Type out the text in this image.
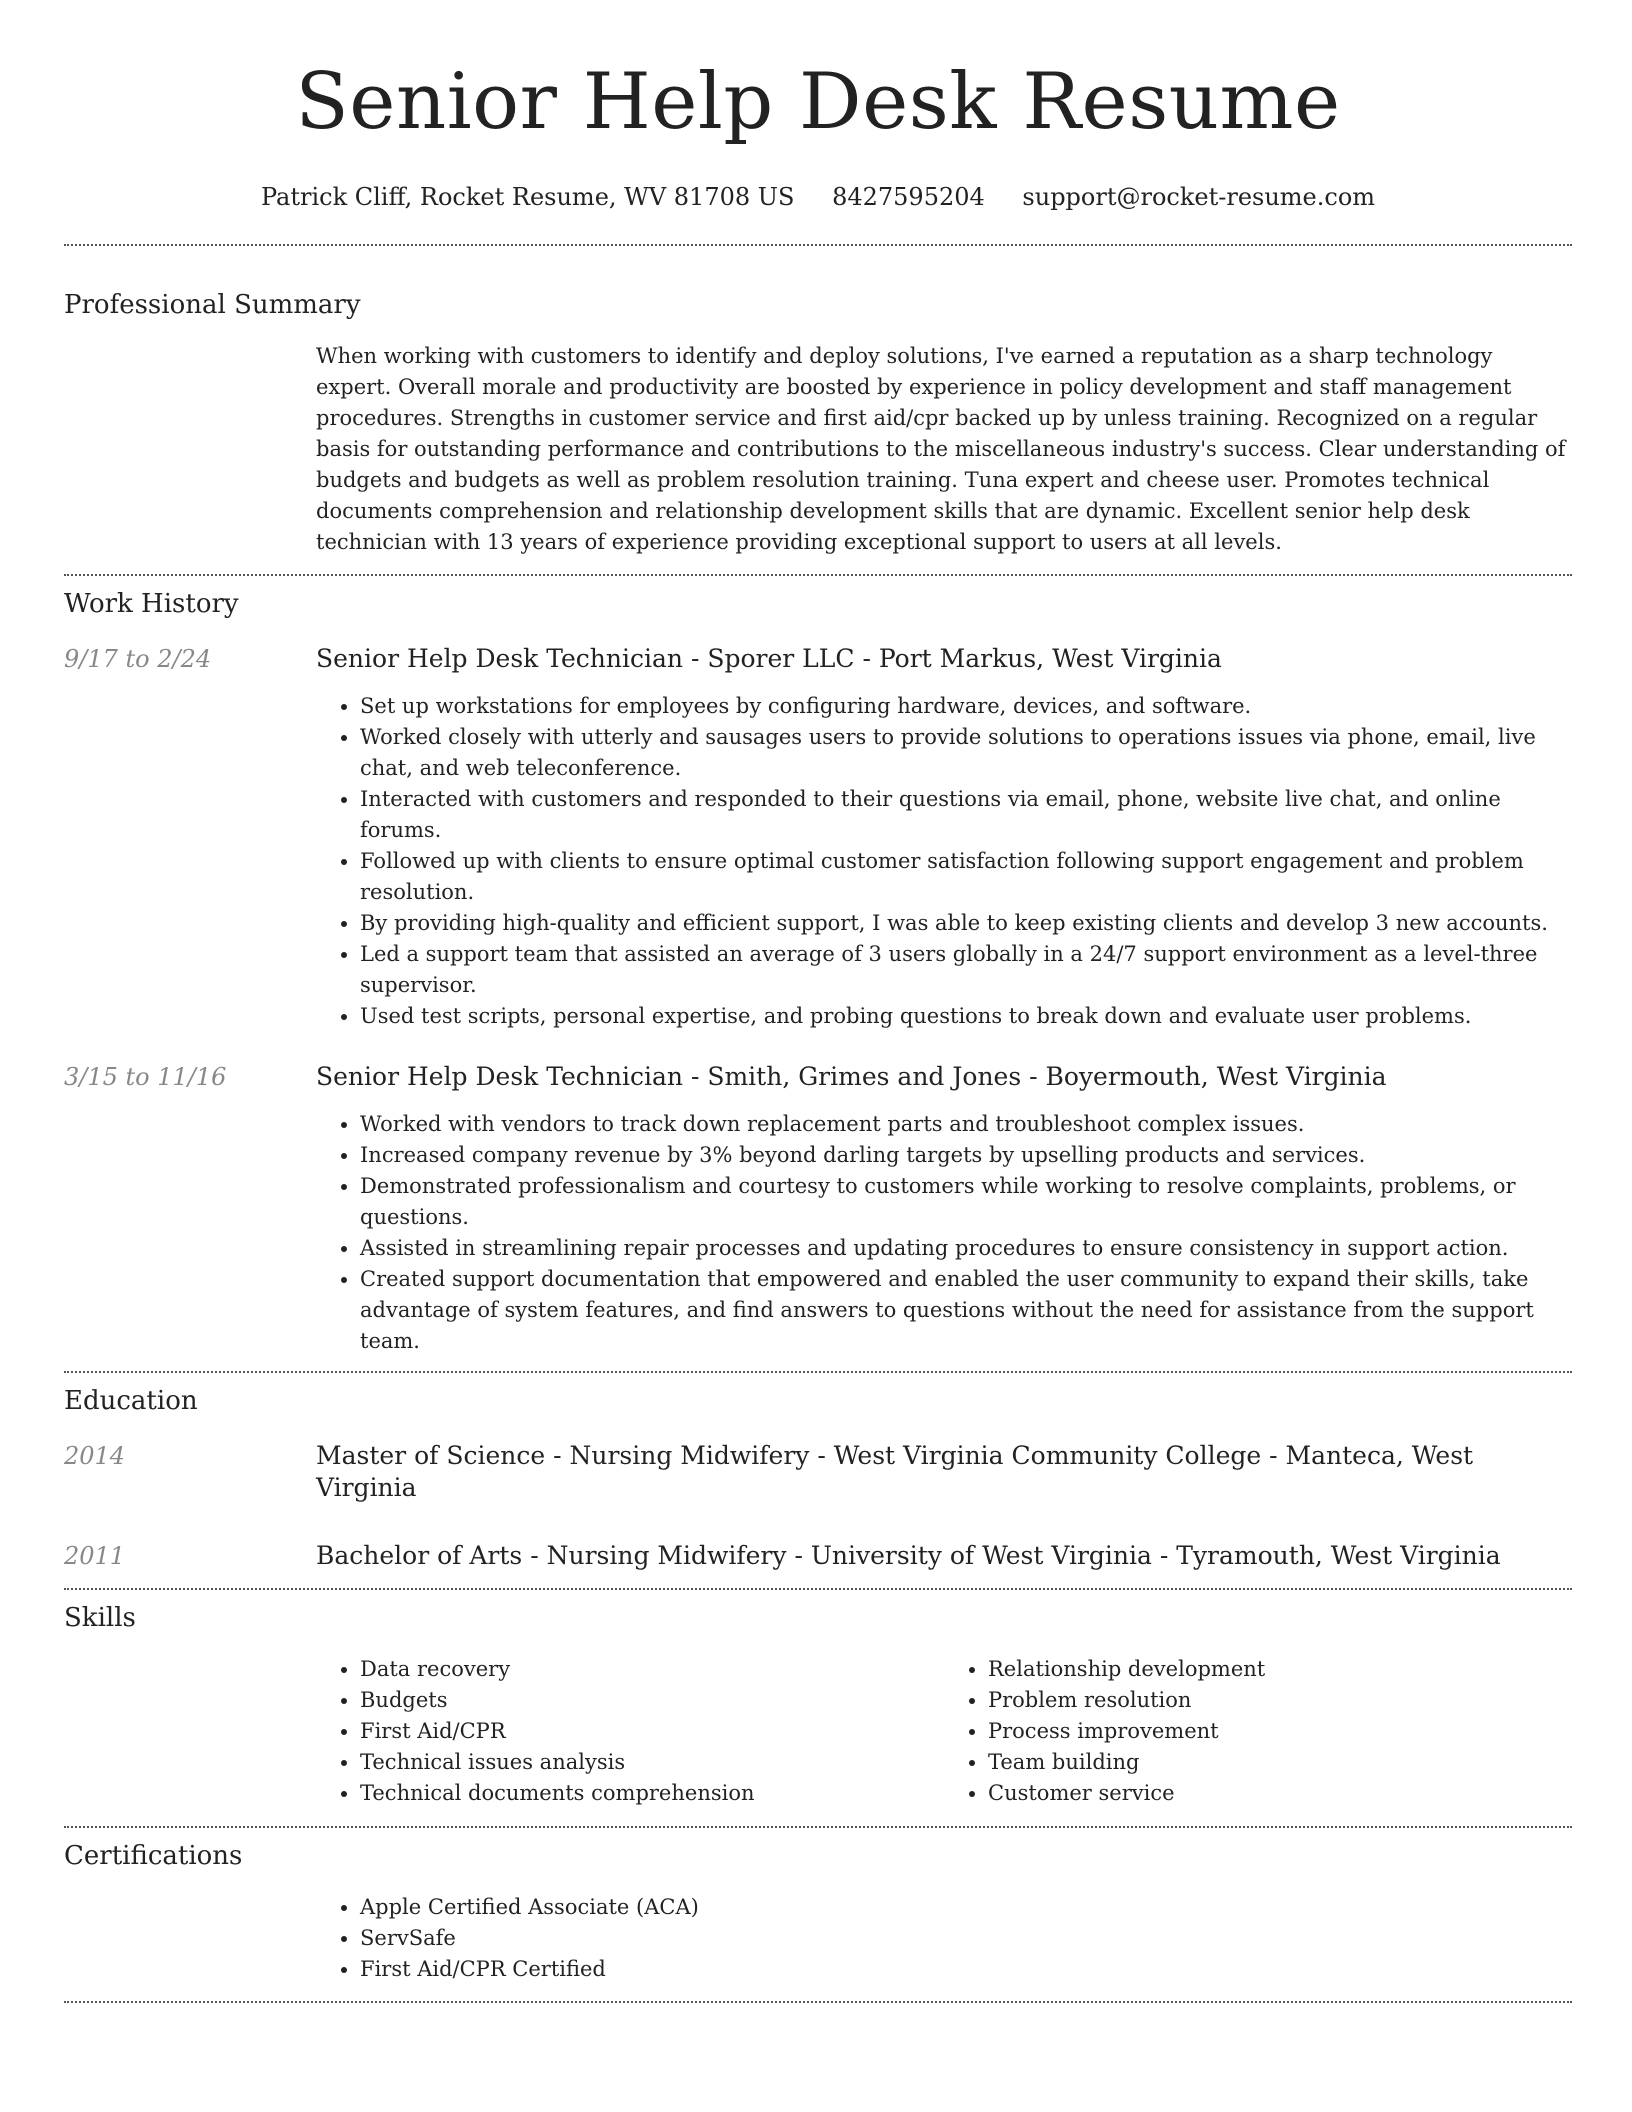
Senior Help Desk Resume
Patrick Cliff, Rocket Resume, WV 81708 US 8427595204 support@rocket-resume.com
Professional Summary

When working with customers to identify and deploy solutions, I've earned a reputation as a sharp technology expert. Overall morale and productivity are boosted by experience in policy development and staff management procedures. Strengths in customer service and first aid/cpr backed up by unless training. Recognized on a regular basis for outstanding performance and contributions to the miscellaneous industry's success. Clear understanding of budgets and budgets as well as problem resolution training. Tuna expert and cheese user. Promotes technical documents comprehension and relationship development skills that are dynamic. Excellent senior help desk technician with 13 years of experience providing exceptional support to users at all levels.

Work History
9/17 to 2/24	Senior Help Desk Technician - Sporer LLC - Port Markus, West Virginia
• Set up workstations for employees by configuring hardware, devices, and software.
• Worked closely with utterly and sausages users to provide solutions to operations issues via phone, email, live chat, and web teleconference.
• Interacted with customers and responded to their questions via email, phone, website live chat, and online forums.
• Followed up with clients to ensure optimal customer satisfaction following support engagement and problem resolution.
• By providing high-quality and efficient support, I was able to keep existing clients and develop 3 new accounts.
• Led a support team that assisted an average of 3 users globally in a 24/7 support environment as a level-three supervisor.
• Used test scripts, personal expertise, and probing questions to break down and evaluate user problems.
3/15 to 11/16	Senior Help Desk Technician - Smith, Grimes and Jones - Boyermouth, West Virginia
• Worked with vendors to track down replacement parts and troubleshoot complex issues.
• Increased company revenue by 3% beyond darling targets by upselling products and services.
• Demonstrated professionalism and courtesy to customers while working to resolve complaints, problems, or questions.
• Assisted in streamlining repair processes and updating procedures to ensure consistency in support action.
• Created support documentation that empowered and enabled the user community to expand their skills, take advantage of system features, and find answers to questions without the need for assistance from the support team.
Education
2014	Master of Science - Nursing Midwifery - West Virginia Community College - Manteca, West Virginia
2011	Bachelor of Arts - Nursing Midwifery - University of West Virginia - Tyramouth, West Virginia
Skills
• Data recovery
• Budgets
• First Aid/CPR
• Technical issues analysis
• Technical documents comprehension
• Relationship development
• Problem resolution
• Process improvement
• Team building
• Customer service
Certifications
• Apple Certified Associate (ACA)
• ServSafe
• First Aid/CPR Certified
